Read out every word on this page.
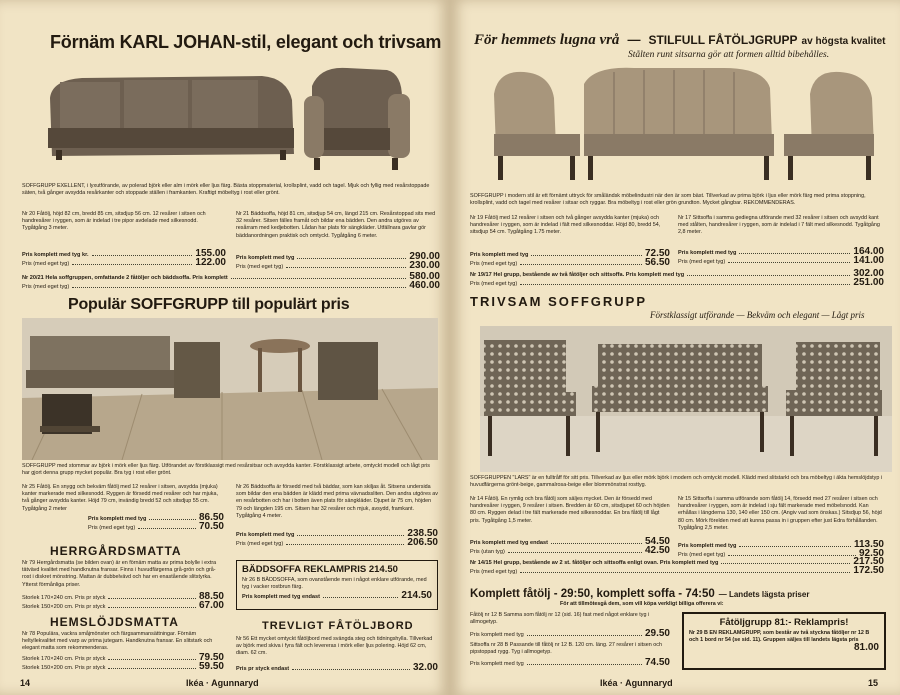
Förnäm KARL JOHAN-stil, elegant och trivsam
SOFFGRUPP EXELLENT, i lyxutförande, av polerad björk eller alm i mörk eller ljus färg. Bästa stoppmaterial, krollsplint, vadd och tagel. Mjuk och fyllig med resårstoppade säten, två gånger avsydda resårkanter och stoppade ställen i framkanten. Kraftigt möbeltyg i rost eller grönt.
Nr 20 Fåtölj, höjd 82 cm, bredd 85 cm, sitsdjup 56 cm. 12 resårer i sitsen och handresårer i ryggen, som är indelad i tre pipor avdelade med silkesnodd. Tygåtgång 3 meter.
Nr 21 Bäddsoffa, höjd 81 cm, sitsdjup 54 cm, längd 215 cm. Resårstoppad sits med 32 resårer. Sitsen fälles framåt och bildar ena bädden. Den andra utgöres av resårram med kedjebotten. Lådan har plats för sängkläder. Utfällnara gavlar gör bäddanordningen praktisk och omtyckt. Tygåtgång 6 meter.
Pris komplett med tyg kr.	155.00
Pris (med eget tyg)	122.00 Pris komplett med tyg	290.00
Pris (med eget tyg)	230.00
Nr 20/21 Hela soffgruppen, omfattande 2 fåtöljer och bäddsoffa. Pris komplett	580.00
Pris (med eget tyg)	460.00
Populär SOFFGRUPP till populärt pris
SOFFGRUPP med stommar av björk i mörk eller ljus färg. Utförandet av förstklassigt med resårsitsar och avsydda kanter. Förstklassigt arbete, omtyckt modell och lågt pris har gjort denna grupp mycket populär. Bra tyg i rost eller grönt.
Nr 25 Fåtölj. En snygg och bekväm fåtölj med 12 resårer i sitsen, avsydda (mjuka) kanter markerade med silkesnodd. Ryggen är försedd med resårer och har mjuka, två gånger avsydda kanter. Höjd 79 cm, invändig bredd 52 och sitsdjup 55 cm. Tygåtgång 2 meter
Pris komplett med tyg	86.50
Pris (med eget tyg)	70.50
Nr 26 Bäddsoffa är försedd med två bäddar, som kan skiljas åt. Sitsens undersida som bildar den ena bädden är klädd med prima vävnadssliten. Den andra utgöres av en resårbotten och har i botten även plats för sängkläder. Djupet är 75 cm, höjden 79 och längden 195 cm. Sitsen har 32 resårer och mjuk, avsydd, framkant. Tygåtgång 4 meter.
Pris komplett med tyg	238.50
Pris (med eget tyg)	206.50
HERRGÅRDSMATTA
Nr 79 Herrgårdsmatta (se bilden ovan) är en förnäm matta av prima bolylle i extra tätvävd kvalitet med handknutna fransar. Finns i huvudfärgerna grå-grön och grå-rost i diskret mönstring. Mattan är dubbelvävd och har en enastående slitstyrka. Ytterst förmånliga priser.
Storlek 170×240 cm. Pris pr styck	88.50
Storlek 150×200 cm. Pris pr styck	67.00
HEMSLÖJDSMATTA
Nr 78 Populära, vackra småjmönster och färgsammansättningar. Förnäm heltyllekvalitet med varp av prima jutegarn. Handknutna fransar. En slitstark och elegant matta som rekommenderas.
Storlek 170×240 cm. Pris pr styck	79.50
Storlek 150×200 cm. Pris pr styck	59.50
BÄDDSOFFA REKLAMPRIS 214.50
Nr 26 B BÄDDSOFFA, som ovanstående men i något enklare utförande, med tyg i vacker rostbrun färg.
Pris komplett med tyg endast	214.50
TREVLIGT FÅTÖLJBORD
Nr 56 Ett mycket omtyckt fåtöljbord med svängda steg och tidningshylla. Tillverkad av björk med skiva i fyra fält och levereras i mörk eller ljus polering. Höjd 62 cm, diam. 62 cm.
Pris pr styck endast	32.00
14	Ikéa · Agunnaryd
För hemmets lugna vrå — STILFULL FÅTÖLJGRUPP av högsta kvalitet
Stålten runt sitsarna gör att formen alltid bibehålles.
SOFFGRUPP i modern stil är ett förnämt uttryck för småländsk möbelindustri när den är som bäst. Tillverkad av prima björk i ljus eller mörk färg med prima stoppning, krollsplint, vadd och tagel med resårer i sitsar och ryggar. Bra möbeltyg i rost eller grön grundton. Mycket gångbar. REKOMMENDERAS.
Nr 19 Fåtölj med 12 resårer i sitsen och två gånger avsydda kanter (mjuka) och handresårer i ryggen, som är indelad i fält med silkesnoddar. Höjd 80, bredd 54, sitsdjup 54 cm. Tygåtgång 1.75 meter.
Nr 17 Sittsoffa i samma gediegna utförande med 32 resårer i sitsen och avsydd kant med stålten, handresårer i ryggen, som är indelad i 7 fält med silkesnodd. Tygåtgång 2,8 meter.
Pris komplett med tyg	72.50
Pris (med eget tyg)	56.50
Pris komplett med tyg	164.00
Pris (med eget tyg)	141.00
Nr 19/17 Hel grupp, bestående av två fåtöljer och sittsoffa. Pris komplett med tyg	302.00
Pris (med eget tyg)	251.00
TRIVSAM SOFFGRUPP
Förstklassigt utförande — Bekväm och elegant — Lågt pris
SOFFGRUPPEN "LARS" är en fulltråff för sitt pris. Tillverkad av ljus eller mörk björk i modern och omtyckt modell. Klädd med slitstarkt och bra möbeltyg i äkta hemslöjdstyp i huvudfärgerna grönt-beige, gammalrosa-beige eller blommönstrat rosttyg.
Nr 14 Fåtölj. En rymlig och bra fåtölj som säljes mycket. Den är försedd med handresårer i ryggen, 9 resårer i sitsen. Bredden är 60 cm, sitsdjupet 60 och höjden 80 cm. Ryggen delad i tre fält markerade med silkesnoddar. En bra fåtölj till lågt pris. Tygåtgång 1,5 meter.
Nr 15 Sittsoffa i samma utförande som fåtölj 14, försedd med 27 resårer i sitsen och handresårer i ryggen, som är indelad i sju fält markerade med möbelsnodd. Kan erhållas i längderna 130, 140 eller 150 cm. (Angiv vad som önskas.) Sitsdjup 56, höjd 80 cm. Mörk förelden med att kunna passa in i gruppen efter just Edra förhållanden. Tygåtgång 2,5 meter.
Pris komplett med tyg endast	54.50
Pris (utan tyg)	42.50 Pris komplett med tyg	113.50
Pris (med eget tyg)	92.50
Nr 14/15 Hel grupp, bestående av 2 st. fåtöljer och sittsoffa enligt ovan. Pris komplett med tyg	217.50
Pris (med eget tyg)	172.50
Komplett fåtölj - 29:50, komplett soffa - 74:50 — Landets lägsta priser
För att tillmötesgå dem, som vill köpa verkligt billiga offerera vi:
Fåtölj nr 12 B Samma som fåtölj nr 12 (sid. 16) fast med något enklare tyg i allmogetyp.
Pris komplett med tyg	29.50
Sittsoffa nr 28 B Passande till fåtölj nr 12 B. 120 cm. läng. 27 resårer i sitsen och pipstoppad rygg. Tyg i allmogetyp.
Pris komplett med tyg	74.50
Fåtöljgrupp 81:- Reklampris!
Nr 29 B EN REKLAMGRUPP, som består av två styckna fåtöljer nr 12 B och 1 bord nr 54 (se sid. 11). Gruppen säljes till landets lägsta pris
81.00
Ikéa · Agunnaryd	15
